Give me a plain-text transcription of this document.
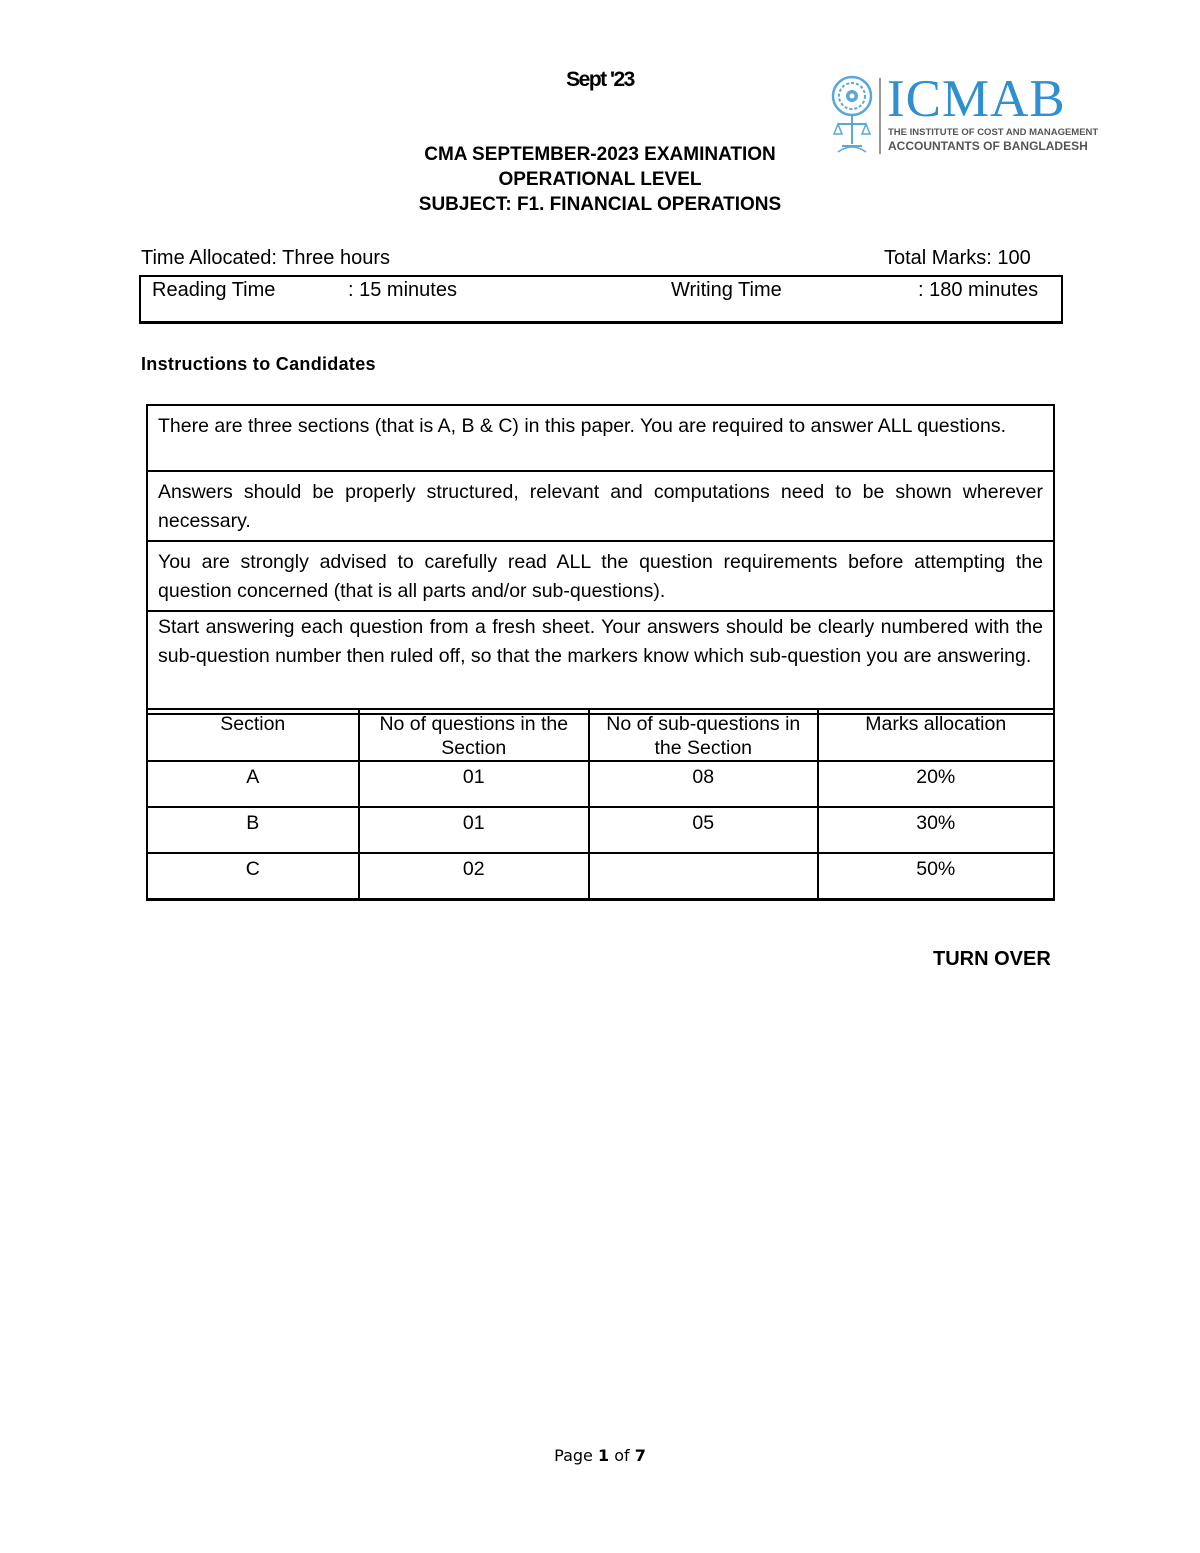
Sept '23	ICMAB
THE INSTITUTE OF COST AND MANAGEMENT
ACCOUNTANTS OF BANGLADESH
CMA SEPTEMBER-2023 EXAMINATION
OPERATIONAL LEVEL
SUBJECT: F1. FINANCIAL OPERATIONS
Time Allocated: Three hours	Total Marks: 100
Reading Time	: 15 minutes	Writing Time	: 180 minutes
Instructions to Candidates
There are three sections (that is A, B & C) in this paper. You are required to answer ALL questions.
Answers should be properly structured, relevant and computations need to be shown wherever necessary.
You are strongly advised to carefully read ALL the question requirements before attempting the question concerned (that is all parts and/or sub-questions).
Start answering each question from a fresh sheet. Your answers should be clearly numbered with the sub-question number then ruled off, so that the markers know which sub-question you are answering.
Section	No of questions in the Section	No of sub-questions in the Section	Marks allocation
A	01	08	20%
B	01	05	30%
C	02		50%
TURN OVER
Page 1 of 7
